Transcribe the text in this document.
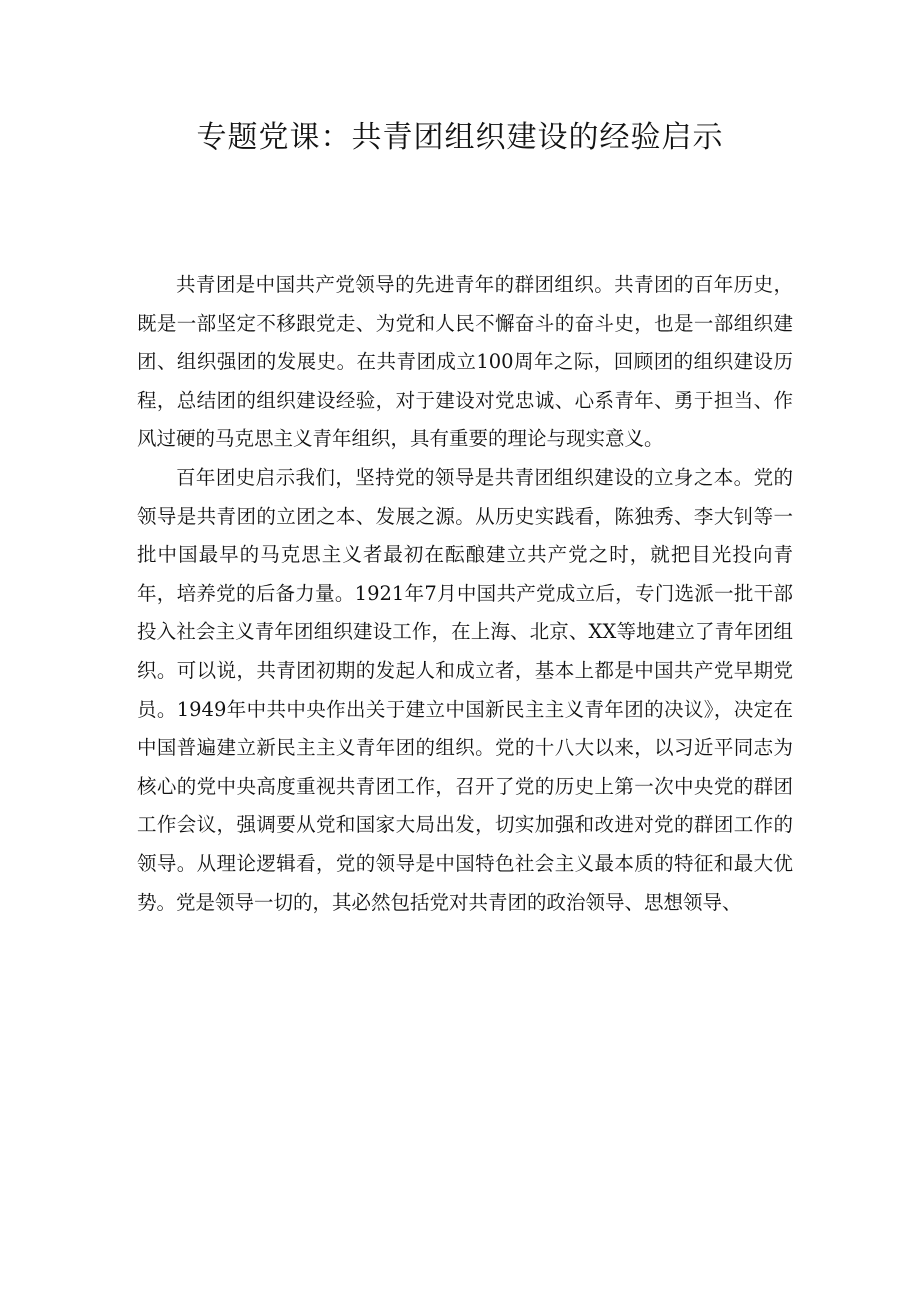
专题党课：共青团组织建设的经验启示

共青团是中国共产党领导的先进青年的群团组织。共青团的百年历史，既是一部坚定不移跟党走、为党和人民不懈奋斗的奋斗史，也是一部组织建团、组织强团的发展史。在共青团成立100周年之际，回顾团的组织建设历程，总结团的组织建设经验，对于建设对党忠诚、心系青年、勇于担当、作风过硬的马克思主义青年组织，具有重要的理论与现实意义。

百年团史启示我们，坚持党的领导是共青团组织建设的立身之本。党的领导是共青团的立团之本、发展之源。从历史实践看，陈独秀、李大钊等一批中国最早的马克思主义者最初在酝酿建立共产党之时，就把目光投向青年，培养党的后备力量。1921年7月中国共产党成立后，专门选派一批干部投入社会主义青年团组织建设工作，在上海、北京、XX等地建立了青年团组织。可以说，共青团初期的发起人和成立者，基本上都是中国共产党早期党员。1949年中共中央作出关于建立中国新民主主义青年团的决议》，决定在中国普遍建立新民主主义青年团的组织。党的十八大以来，以习近平同志为核心的党中央高度重视共青团工作，召开了党的历史上第一次中央党的群团工作会议，强调要从党和国家大局出发，切实加强和改进对党的群团工作的领导。从理论逻辑看，党的领导是中国特色社会主义最本质的特征和最大优势。党是领导一切的，其必然包括党对共青团的政治领导、思想领导、
